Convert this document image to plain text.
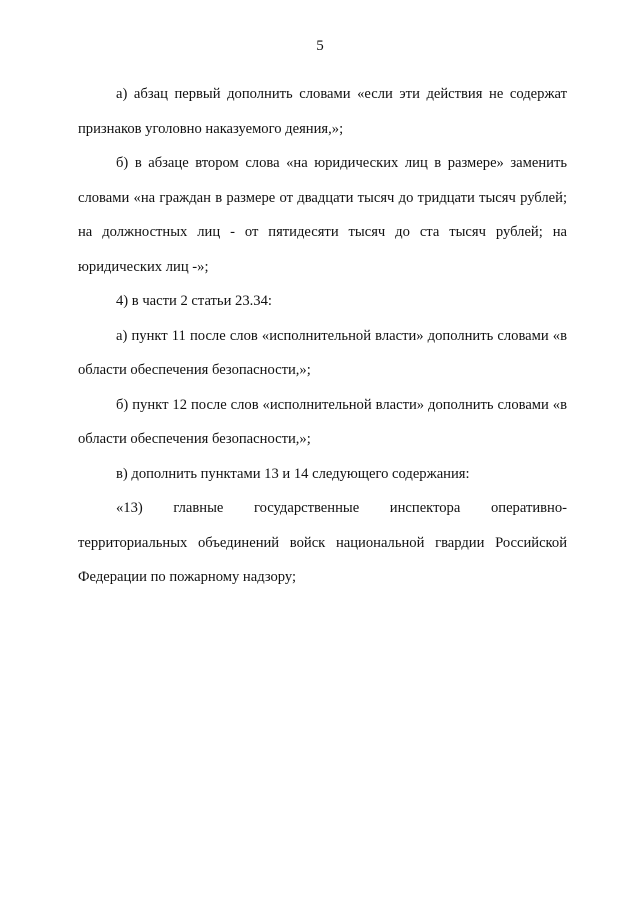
5

а) абзац первый дополнить словами «если эти действия не содержат признаков уголовно наказуемого деяния,»;

б) в абзаце втором слова «на юридических лиц в размере» заменить словами «на граждан в размере от двадцати тысяч до тридцати тысяч рублей; на должностных лиц - от пятидесяти тысяч до ста тысяч рублей; на юридических лиц -»;

4) в части 2 статьи 23.34:

а) пункт 11 после слов «исполнительной власти» дополнить словами «в области обеспечения безопасности,»;

б) пункт 12 после слов «исполнительной власти» дополнить словами «в области обеспечения безопасности,»;

в) дополнить пунктами 13 и 14 следующего содержания:

«13) главные государственные инспектора оперативно-территориальных объединений войск национальной гвардии Российской Федерации по пожарному надзору;
